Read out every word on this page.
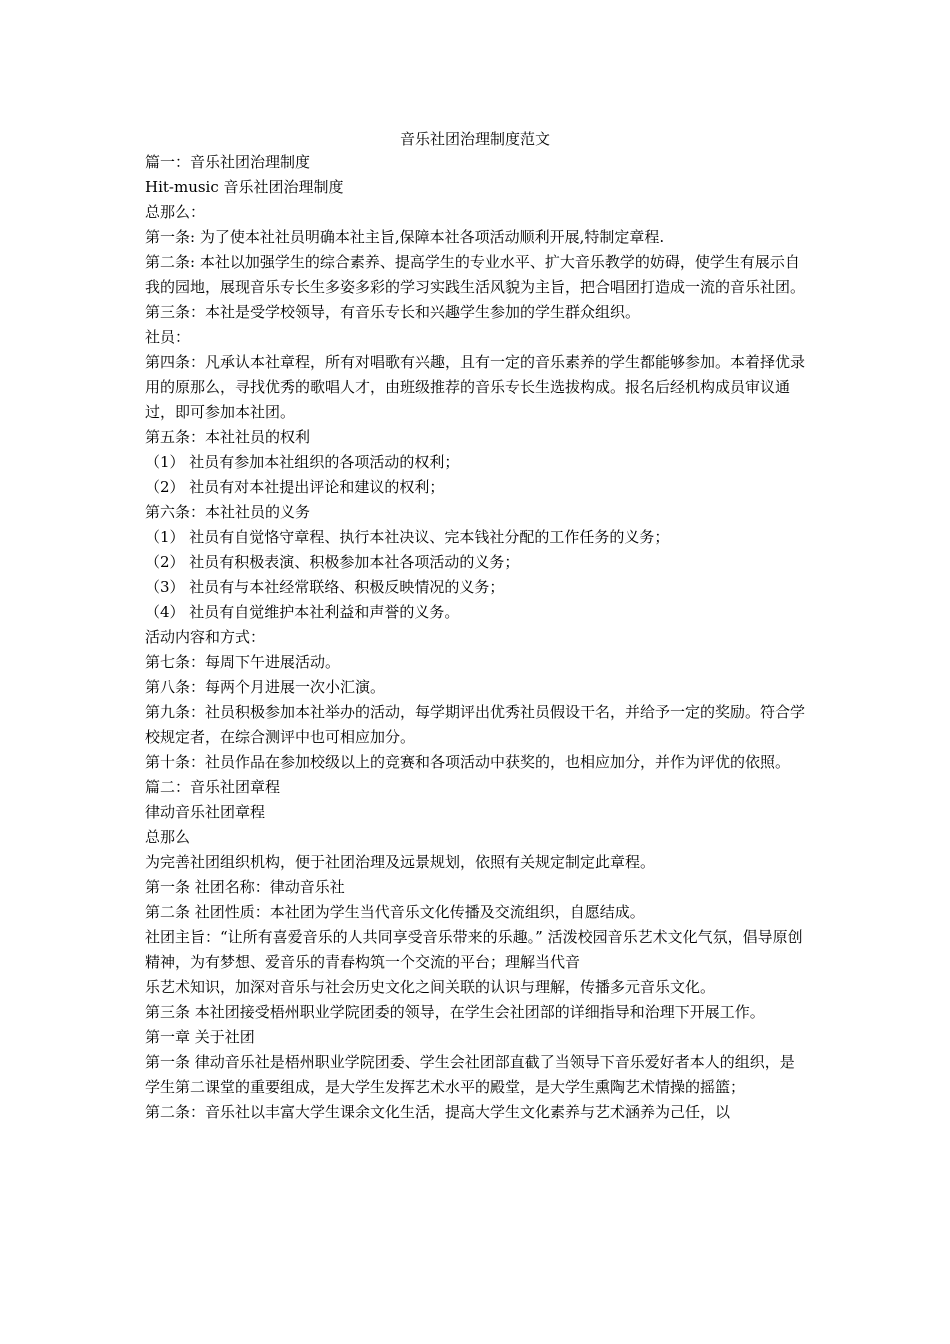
音乐社团治理制度范文

篇一：音乐社团治理制度

Hit-music 音乐社团治理制度

总那么：

第一条: 为了使本社社员明确本社主旨,保障本社各项活动顺利开展,特制定章程.

第二条: 本社以加强学生的综合素养、提高学生的专业水平、扩大音乐教学的妨碍，使学生有展示自我的园地，展现音乐专长生多姿多彩的学习实践生活风貌为主旨，把合唱团打造成一流的音乐社团。

第三条：本社是受学校领导，有音乐专长和兴趣学生参加的学生群众组织。

社员：

第四条：凡承认本社章程，所有对唱歌有兴趣，且有一定的音乐素养的学生都能够参加。本着择优录用的原那么，寻找优秀的歌唱人才，由班级推荐的音乐专长生选拔构成。报名后经机构成员审议通过，即可参加本社团。

第五条：本社社员的权利

（1） 社员有参加本社组织的各项活动的权利；

（2） 社员有对本社提出评论和建议的权利；

第六条：本社社员的义务

（1） 社员有自觉恪守章程、执行本社决议、完本钱社分配的工作任务的义务；

（2） 社员有积极表演、积极参加本社各项活动的义务；

（3） 社员有与本社经常联络、积极反映情况的义务；

（4） 社员有自觉维护本社利益和声誉的义务。

活动内容和方式：

第七条：每周下午进展活动。

第八条：每两个月进展一次小汇演。

第九条：社员积极参加本社举办的活动，每学期评出优秀社员假设干名，并给予一定的奖励。符合学校规定者，在综合测评中也可相应加分。

第十条：社员作品在参加校级以上的竞赛和各项活动中获奖的，也相应加分，并作为评优的依照。

篇二：音乐社团章程

律动音乐社团章程

总那么

为完善社团组织机构，便于社团治理及远景规划，依照有关规定制定此章程。

第一条 社团名称：律动音乐社

第二条 社团性质：本社团为学生当代音乐文化传播及交流组织，自愿结成。

社团主旨：“让所有喜爱音乐的人共同享受音乐带来的乐趣。” 活泼校园音乐艺术文化气氛，倡导原创精神，为有梦想、爱音乐的青春构筑一个交流的平台；理解当代音

乐艺术知识，加深对音乐与社会历史文化之间关联的认识与理解，传播多元音乐文化。

第三条 本社团接受梧州职业学院团委的领导，在学生会社团部的详细指导和治理下开展工作。

第一章 关于社团

第一条 律动音乐社是梧州职业学院团委、学生会社团部直截了当领导下音乐爱好者本人的组织，是学生第二课堂的重要组成，是大学生发挥艺术水平的殿堂，是大学生熏陶艺术情操的摇篮；

第二条：音乐社以丰富大学生课余文化生活，提高大学生文化素养与艺术涵养为己任，以
